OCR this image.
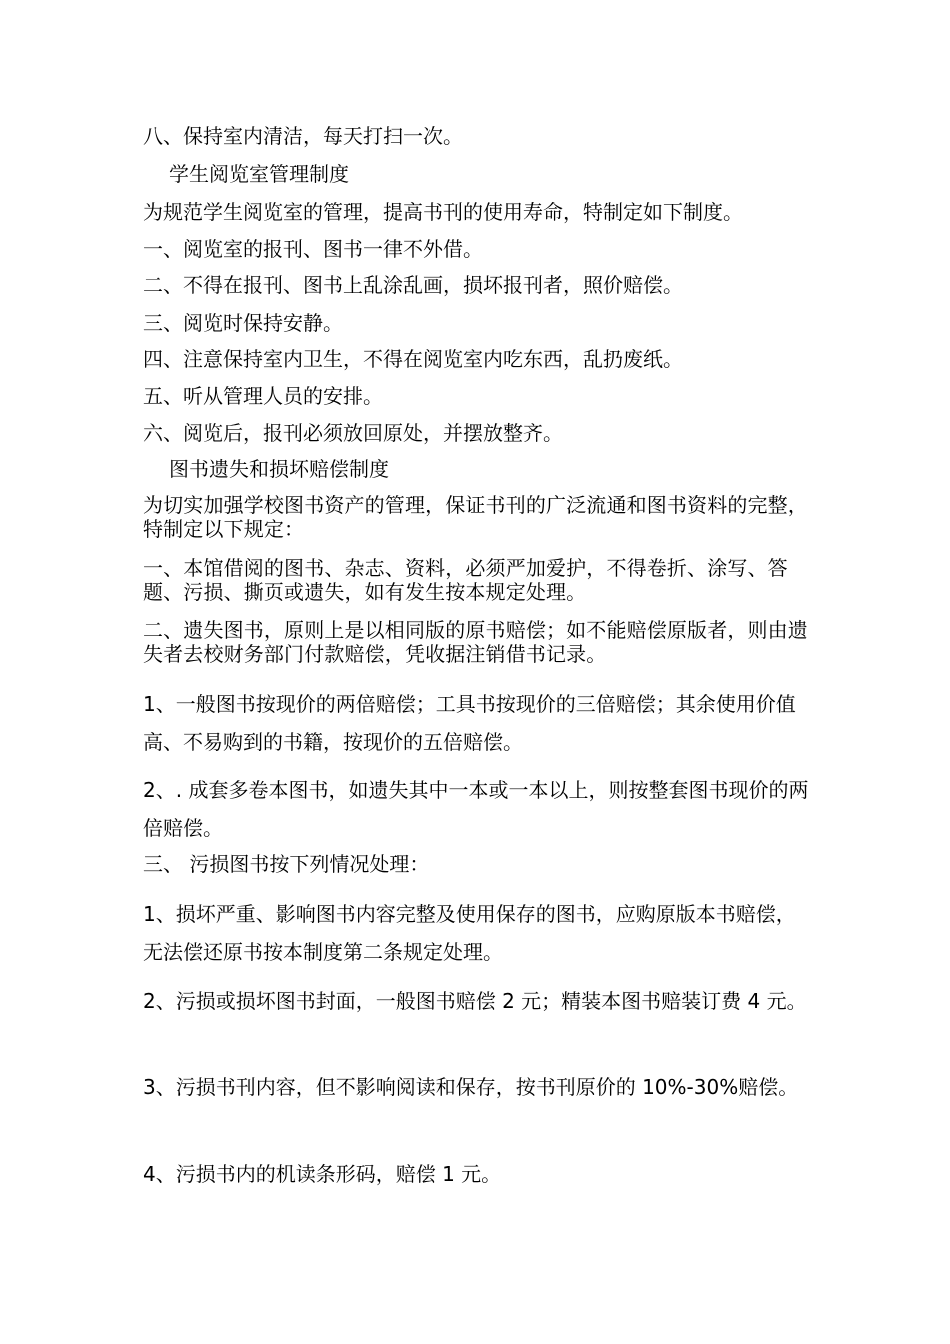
八、保持室内清洁，每天打扫一次。
学生阅览室管理制度
为规范学生阅览室的管理，提高书刊的使用寿命，特制定如下制度。
一、阅览室的报刊、图书一律不外借。
二、不得在报刊、图书上乱涂乱画，损坏报刊者，照价赔偿。
三、阅览时保持安静。
四、注意保持室内卫生，不得在阅览室内吃东西，乱扔废纸。
五、听从管理人员的安排。
六、阅览后，报刊必须放回原处，并摆放整齐。
图书遗失和损坏赔偿制度
为切实加强学校图书资产的管理，保证书刊的广泛流通和图书资料的完整，特制定以下规定：
一、本馆借阅的图书、杂志、资料，必须严加爱护，不得卷折、涂写、答题、污损、撕页或遗失，如有发生按本规定处理。
二、遗失图书，原则上是以相同版的原书赔偿；如不能赔偿原版者，则由遗失者去校财务部门付款赔偿，凭收据注销借书记录。
1、一般图书按现价的两倍赔偿；工具书按现价的三倍赔偿；其余使用价值高、不易购到的书籍，按现价的五倍赔偿。
2、. 成套多卷本图书，如遗失其中一本或一本以上，则按整套图书现价的两倍赔偿。
三、 污损图书按下列情况处理：
1、损坏严重、影响图书内容完整及使用保存的图书，应购原版本书赔偿，无法偿还原书按本制度第二条规定处理。
2、污损或损坏图书封面，一般图书赔偿 2 元；精装本图书赔装订费 4 元。
3、污损书刊内容，但不影响阅读和保存，按书刊原价的 10%-30%赔偿。
4、污损书内的机读条形码，赔偿 1 元。
